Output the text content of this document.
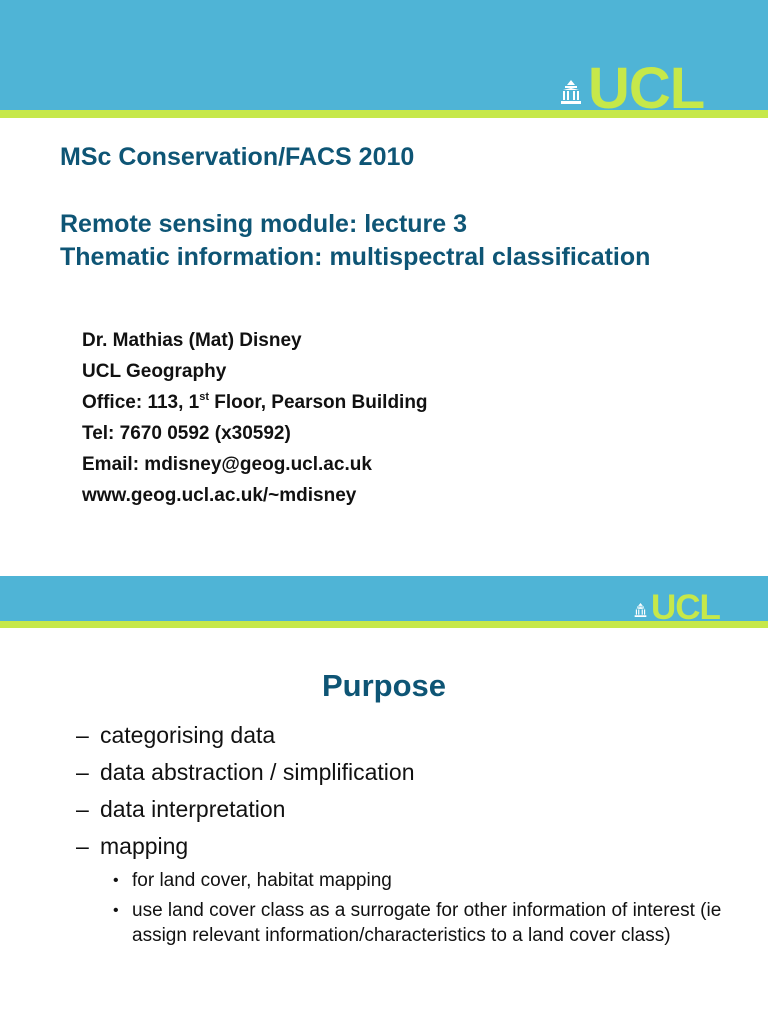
UCL
MSc Conservation/FACS 2010
Remote sensing module: lecture 3
Thematic information: multispectral classification
Dr. Mathias (Mat) Disney
UCL Geography
Office: 113, 1st Floor, Pearson Building
Tel: 7670 0592 (x30592)
Email: mdisney@geog.ucl.ac.uk
www.geog.ucl.ac.uk/~mdisney
UCL
Purpose
– categorising data
– data abstraction / simplification
– data interpretation
– mapping
• for land cover, habitat mapping
• use land cover class as a surrogate for other information of interest (ie assign relevant information/characteristics to a land cover class)
